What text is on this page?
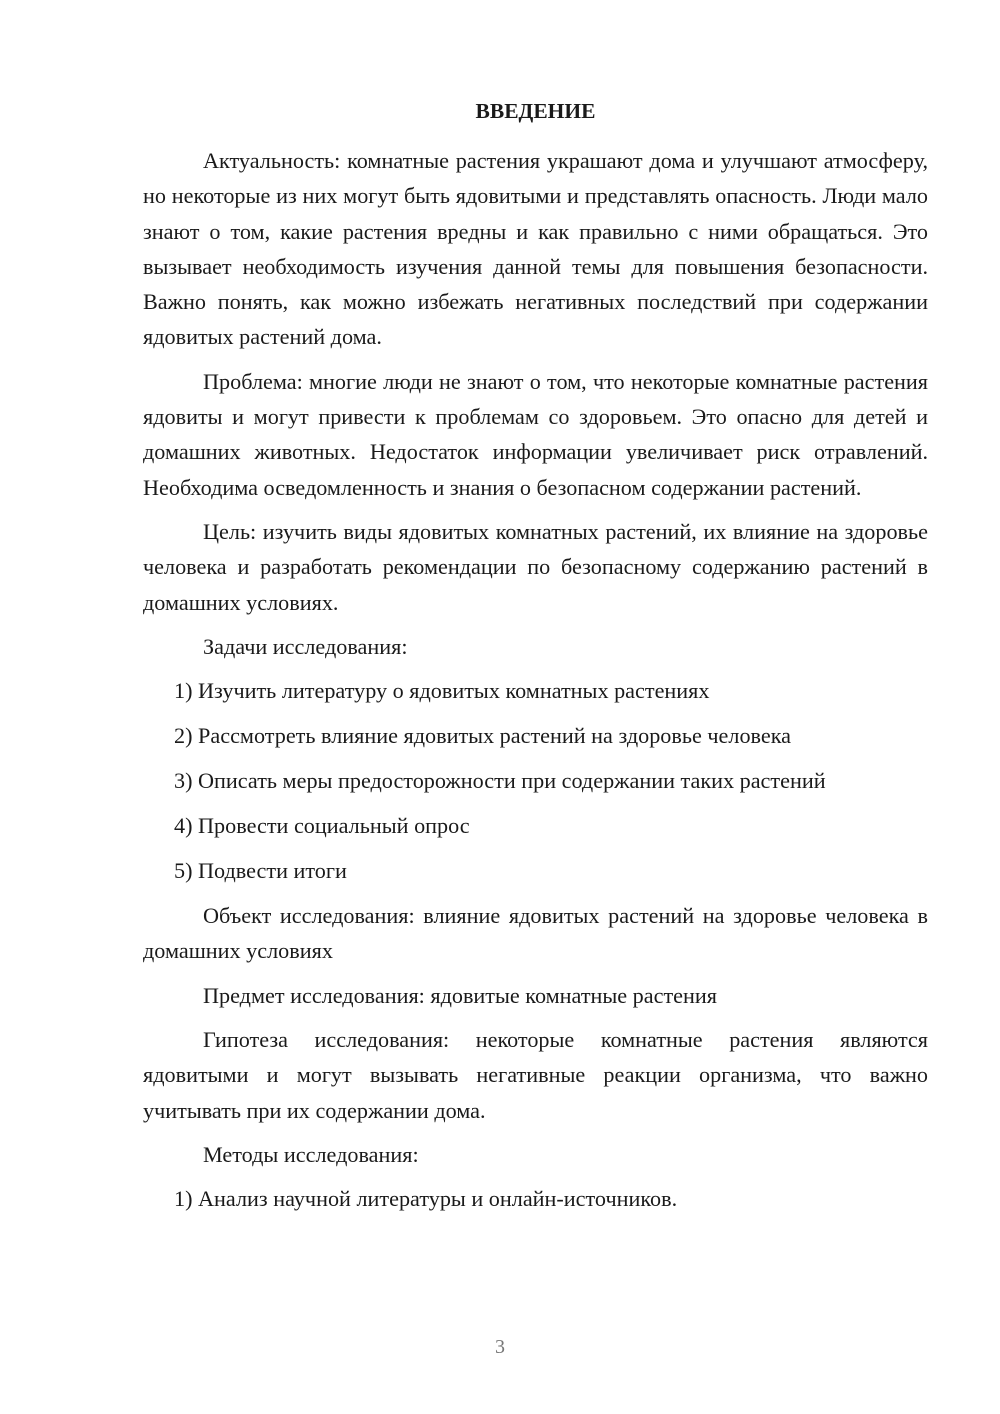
ВВЕДЕНИЕ

Актуальность: комнатные растения украшают дома и улучшают атмосферу, но некоторые из них могут быть ядовитыми и представлять опасность. Люди мало знают о том, какие растения вредны и как правильно с ними обращаться. Это вызывает необходимость изучения данной темы для повышения безопасности. Важно понять, как можно избежать негативных последствий при содержании ядовитых растений дома.

Проблема: многие люди не знают о том, что некоторые комнатные растения ядовиты и могут привести к проблемам со здоровьем. Это опасно для детей и домашних животных. Недостаток информации увеличивает риск отравлений. Необходима осведомленность и знания о безопасном содержании растений.

Цель: изучить виды ядовитых комнатных растений, их влияние на здоровье человека и разработать рекомендации по безопасному содержанию растений в домашних условиях.

Задачи исследования:

1) Изучить литературу о ядовитых комнатных растениях
2) Рассмотреть влияние ядовитых растений на здоровье человека
3) Описать меры предосторожности при содержании таких растений
4) Провести социальный опрос
5) Подвести итоги

Объект исследования: влияние ядовитых растений на здоровье человека в домашних условиях

Предмет исследования: ядовитые комнатные растения

Гипотеза исследования: некоторые комнатные растения являются ядовитыми и могут вызывать негативные реакции организма, что важно учитывать при их содержании дома.

Методы исследования:

1) Анализ научной литературы и онлайн-источников.
3
